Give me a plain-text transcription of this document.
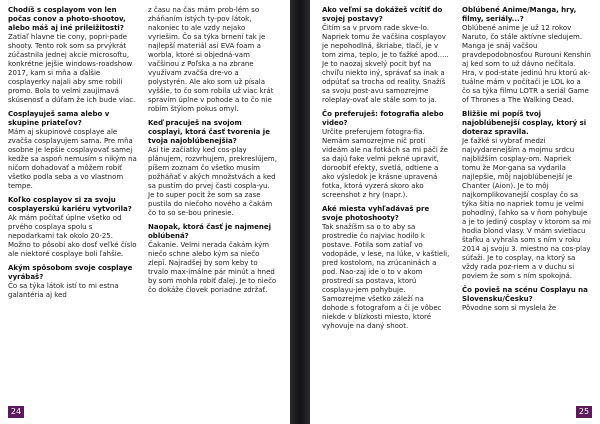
Chodíš s cosplayom von len počas conov a photo-shootov, alebo máš aj iné prileižitosti?

Zatiaľ hlavne tie cony, popri-pade shooty. Tento rok som sa prvýkrát zúčastnila jednej akcie microsoftu, konkrétne jejšie windows-roadshow 2017, kam si mňa a ďalšie cosplayerky najali aby sme robili promo. Bola to velmi zaujímavá skúsenosť a dúfam že ich bude viac.

Cosplayuješ sama alebo v skupine priateľov?

Mám aj skupinové cosplaye ale zvačša cosplayujem sama. Pre mňa osobne je lepšie cosplayovať samej kedže sa aspoň nemusím s nikým na ničom dohadovať a môžem robiť všetko podla seba a vo vlastnom tempe.

Koľko cosplayov si za svoju cosplayerskú kariéru vytvorila?

Ak mám počítať úplne všetko od prvého cosplaya spolu s nepodarkami tak okolo 20-25. Možno to pôsobí ako dosť veľké číslo ale niektoré cosplaye boli ľahšie.

Akým spôsobom svoje cosplaye vyrábaš?

Čo sa týka látok istí to mi estna galantéria aj ked

z času na čas mám prob-lém so zháňaním istých ty-pov látok, nakoniec to ale vzdy nejako vyriešim. Čo sa týka brnení tak je najlepší materiál asi EVA foam a worbla, ktoré si objedná-vam vačšinou z Poľska a na zbrane využívam zvačša dre-vo a polystyrén. Ale ako som už písala vyššie, to čo som robila už viac krát spravím úplne v pohode a to čo nie robím štýlom pokus omyl.

Keď pracuješ na svojom cosplayi, ktorá časť tvorenia je tvoja najoblúbenejšia?

Asi tie začiatky ked cos-play plánujem, rozvrhujem, prekreslújem, píšem zoznam čo všetko musím požháňať v akých množstvách a ked sa pustím do prvej časti cospla-yu. Je to super pocit že som sa zase pustila do niečoho nového a čakám čo to so se-bou prinesie.

Naopak, ktorá časť je najmenej oblúbená?

Čakanie. Velmi nerada čakám kým niečo schne alebo kým sa niečo zlepí. Najradšej by som keby to trvalo max-imálne pár minút a hned by som mohla robiť ďalej. Je to niečo čo dokáže človek poriadne zdržať.

24

Ako veľmi sa dokážeš vcítiť do svojej postavy?

Čitím sa v prvom rade skve-lo. Napriek tomu že vačšina cosplayov je nepohodlná, škriabe, tlačí, je v tom zima, teplo, je to ťažké apod..... Je to naozaj skvelý pocit byť na chvíľu niekto iný, správať sa inak a odpútať sa trocha od reality. Snažíš sa svoju post-avu samozrejme roleplay-ovať ale stále som to ja.

Čo preferuješ: fotografia alebo video?

Určite preferujem fotogra-fia. Nemám samozrejme nič proti videám ale na fotkách sa mi páči že sa dajú fake velmi pekné upraviť, doroobiť efekty, svetlá, odtiene a ako výsledok je krásne upravená fotka, ktorá vyzerá skoro ako screenshot z hry (napr.).

Aké miesta vyhľadávaš pre svoje photoshooty?

Tak snažíšm sa o to aby sa prostredie čo najviac hodilo k postave. Fotila som zatiaľ vo vodopáde, v lese, na lúke, v kaštieli, pred kostolom, na zrúcaninách a pod. Nao-zaj ide o to v akom prostredí sa postava, ktorú cosplayu-jem pohybuje. Samozrejme všetko záleží na dohode s fotografom a či je vôbec niekde v blízkosti miesto, ktoré vyhovuje na daný shoot.

Oblúbené Anime/Manga, hry, filmy, seriály...?

Oblúbené anime je už 12 rokov Naruto, čo stále aktívne sledujem. Manga je snáj vačšou pravdepodobnosťou Rurouni Kenshin aj ked som to už dávno nečítala. Hra, v pod-state jedinú hru ktorú ak-tuálne mám v počítači je LOL ko a čo sa týka filmu LOTR a seriál Game of Thrones a The Walking Dead.

Bližšie mi popíš tvoj najoblúbenejší cosplay, ktorý si doteraz spravila.

Je ťažké si vybrať medzi najvydarenejším a mojmu srdcu najbližším cosplay-om. Napriek tomu že Mor-gana sa vydarila najlepšie, môj najoblúbenejší je Chanter (Aion). Je to môj najkomplikovanejší cosplay čo sa týka šitia no napriek tomu je velmi pohodlný, ľahko sa v ňom pohybuje a je to jediný cosplay v ktorom sa mi hodia blond vlasy. V mám svietiacu štafku a vyhrala som s ním v roku 2014 aj svoju 3. miestno na cos-play súťaži. Je to cosplay, na ktorý sa vždy rada poz-riem a v duchu si poviem že som s ním spokojná.

Čo povieš na scénu Cosplayu na Slovensku/Česku?

Pôvodne som si myslela že

25
